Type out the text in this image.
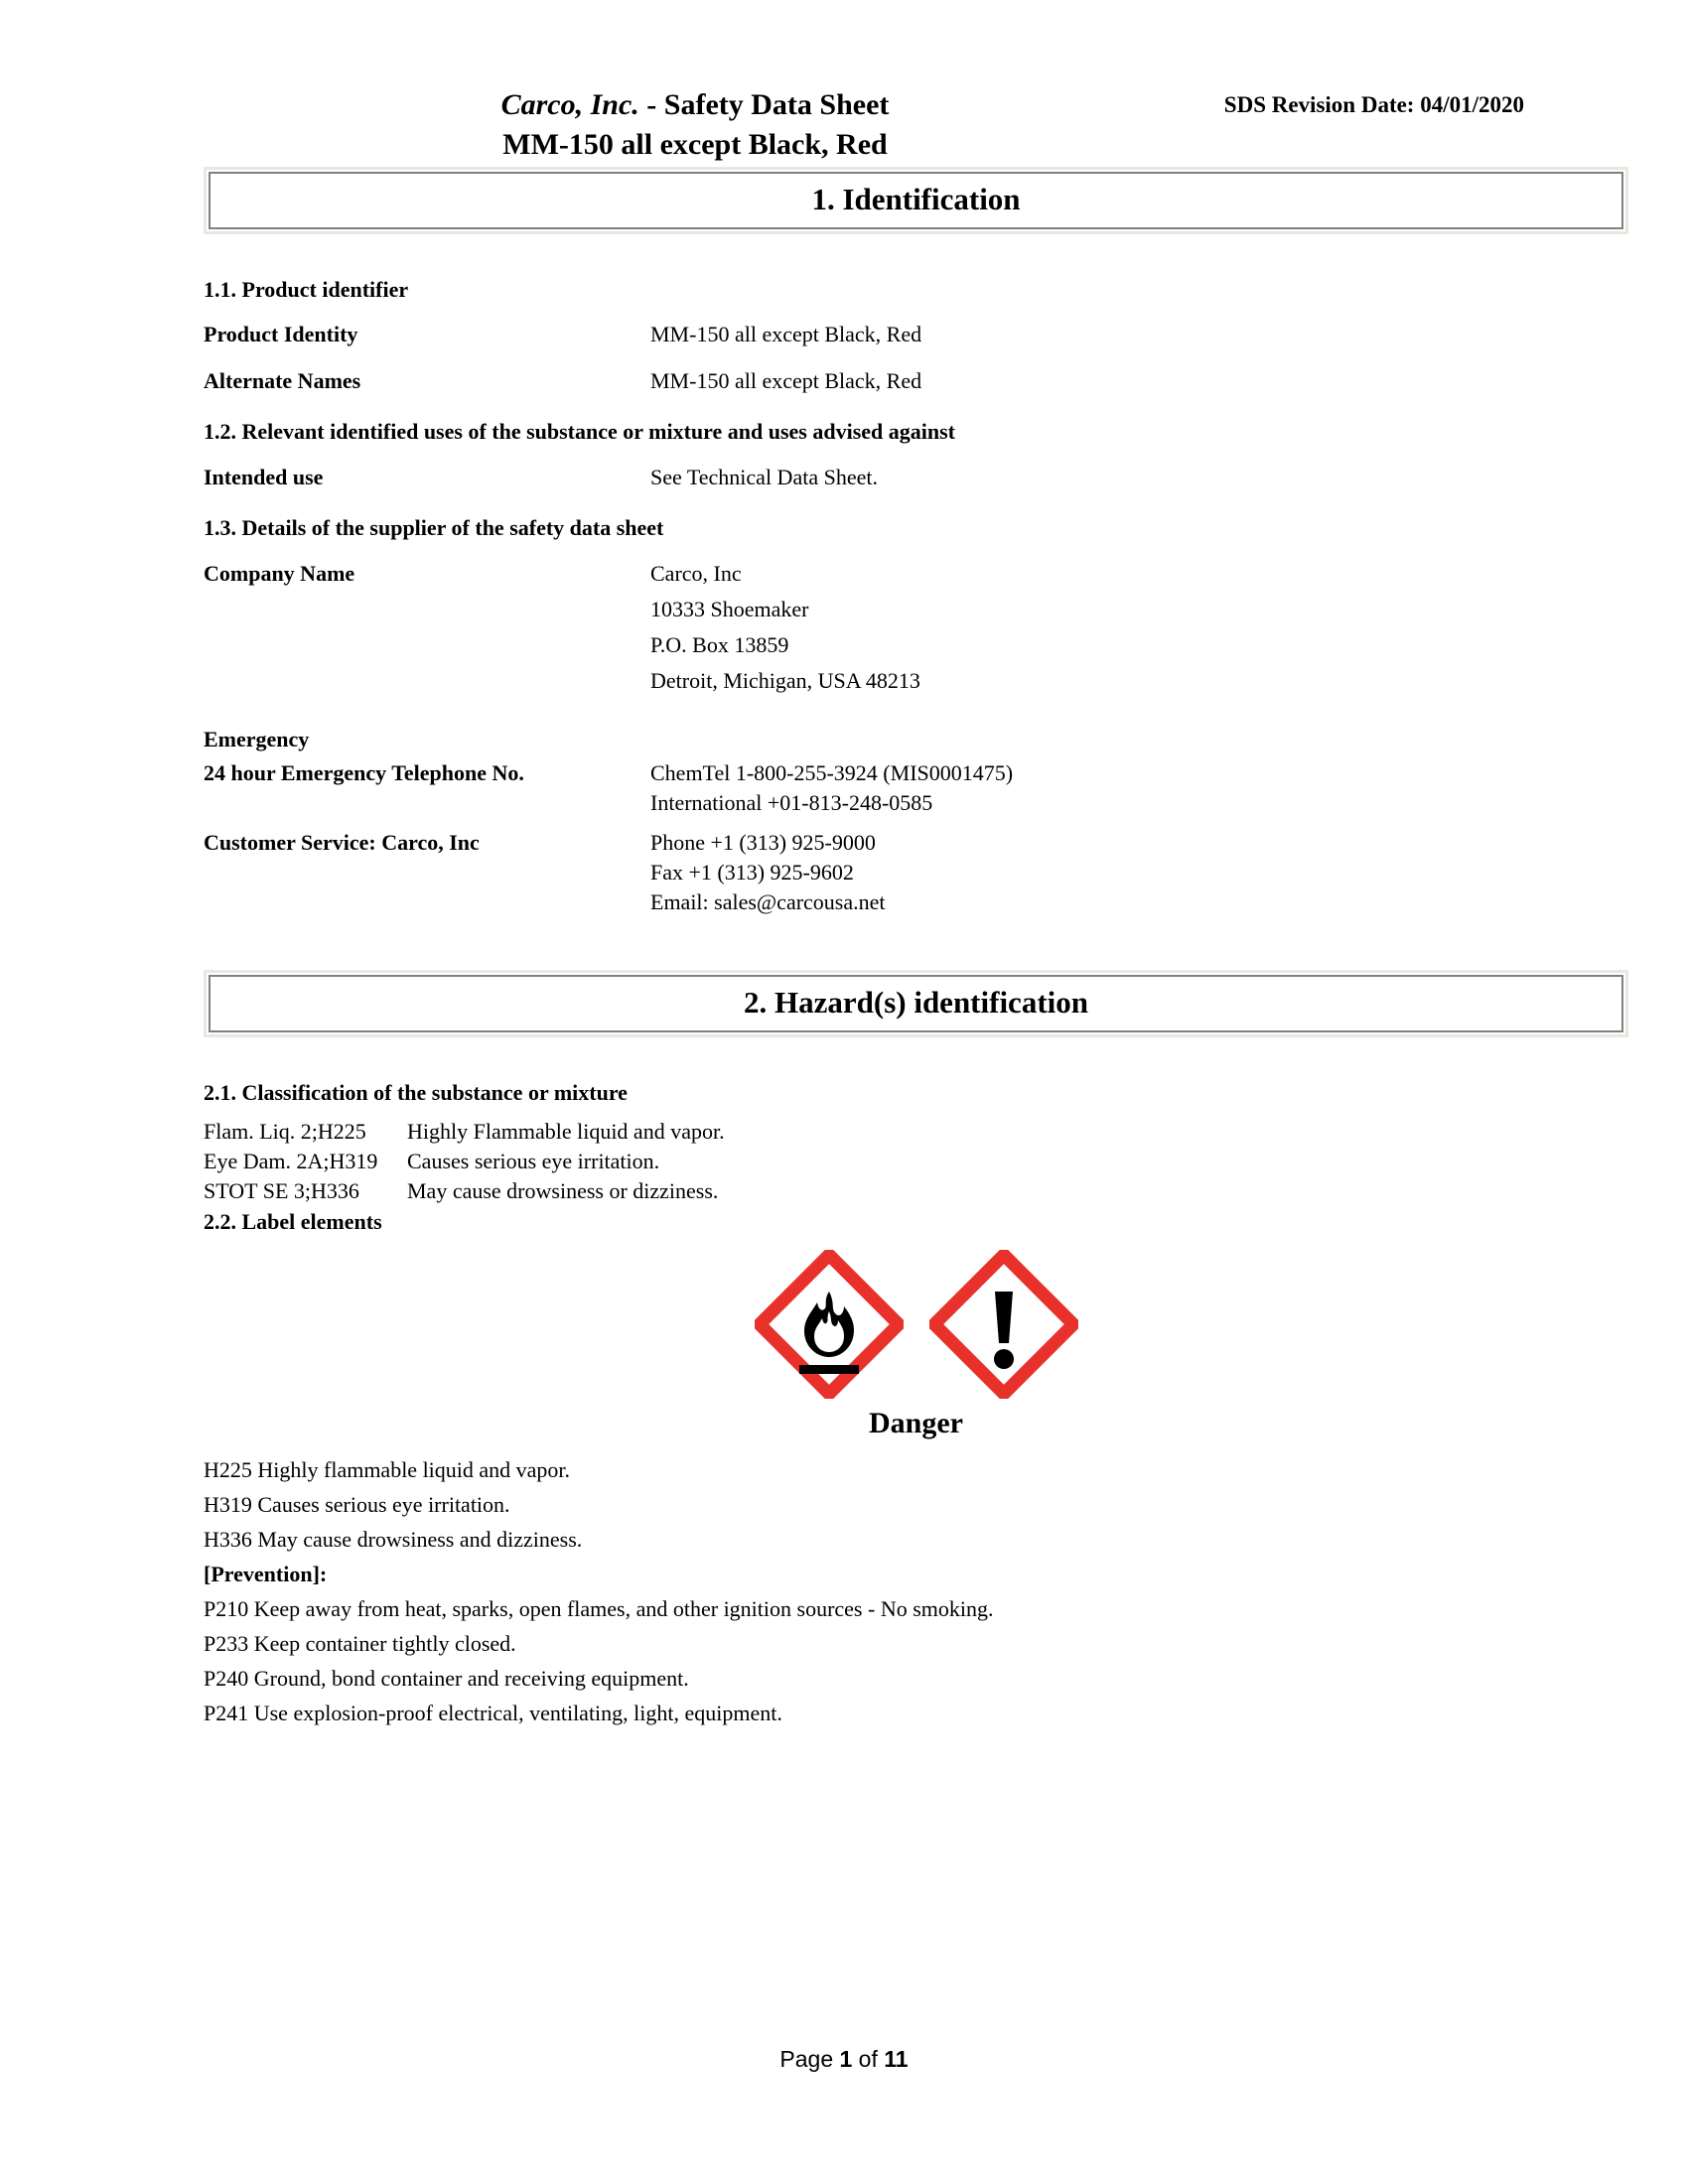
Carco, Inc. - Safety Data Sheet
MM-150 all except Black, Red
SDS Revision Date: 04/01/2020
1. Identification
1.1. Product identifier
Product Identity	MM-150 all except Black, Red
Alternate Names	MM-150 all except Black, Red
1.2. Relevant identified uses of the substance or mixture and uses advised against
Intended use	See Technical Data Sheet.
1.3. Details of the supplier of the safety data sheet
Company Name	Carco, Inc
10333 Shoemaker
P.O. Box 13859
Detroit, Michigan, USA 48213
Emergency
24 hour Emergency Telephone No.	ChemTel 1-800-255-3924 (MIS0001475)
International +01-813-248-0585
Customer Service: Carco, Inc	Phone +1 (313) 925-9000
Fax +1 (313) 925-9602
Email: sales@carcousa.net
2. Hazard(s) identification
2.1. Classification of the substance or mixture
Flam. Liq. 2;H225 Highly Flammable liquid and vapor.
Eye Dam. 2A;H319 Causes serious eye irritation.
STOT SE 3;H336 May cause drowsiness or dizziness.
2.2. Label elements
Danger
H225 Highly flammable liquid and vapor.
H319 Causes serious eye irritation.
H336 May cause drowsiness and dizziness.
[Prevention]:
P210 Keep away from heat, sparks, open flames, and other ignition sources - No smoking.
P233 Keep container tightly closed.
P240 Ground, bond container and receiving equipment.
P241 Use explosion-proof electrical, ventilating, light, equipment.
Page 1 of 11
